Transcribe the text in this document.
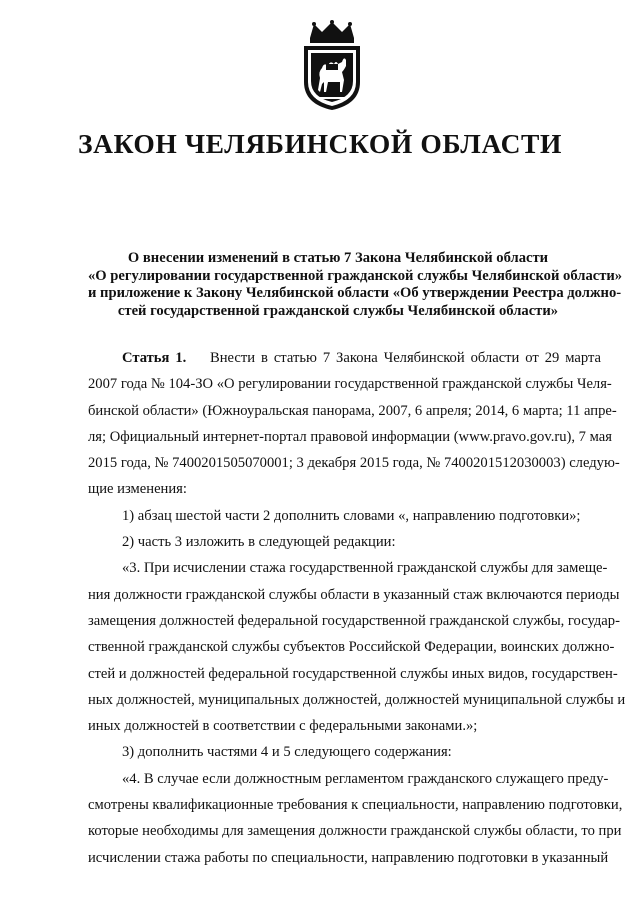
ЗАКОН ЧЕЛЯБИНСКОЙ ОБЛАСТИ
О внесении изменений в статью 7 Закона Челябинской области
«О регулировании государственной гражданской службы Челябинской области»
и приложение к Закону Челябинской области «Об утверждении Реестра должно-
стей государственной гражданской службы Челябинской области»
Статья 1. Внести в статью 7 Закона Челябинской области от 29 марта
2007 года № 104-ЗО «О регулировании государственной гражданской службы Челя-
бинской области» (Южноуральская панорама, 2007, 6 апреля; 2014, 6 марта; 11 апре-
ля; Официальный интернет-портал правовой информации (www.pravo.gov.ru), 7 мая
2015 года, № 7400201505070001; 3 декабря 2015 года, № 7400201512030003) следую-
щие изменения:
1) абзац шестой части 2 дополнить словами «, направлению подготовки»;
2) часть 3 изложить в следующей редакции:
«3. При исчислении стажа государственной гражданской службы для замеще-
ния должности гражданской службы области в указанный стаж включаются периоды
замещения должностей федеральной государственной гражданской службы, государ-
ственной гражданской службы субъектов Российской Федерации, воинских должно-
стей и должностей федеральной государственной службы иных видов, государствен-
ных должностей, муниципальных должностей, должностей муниципальной службы и
иных должностей в соответствии с федеральными законами.»;
3) дополнить частями 4 и 5 следующего содержания:
«4. В случае если должностным регламентом гражданского служащего преду-
смотрены квалификационные требования к специальности, направлению подготовки,
которые необходимы для замещения должности гражданской службы области, то при
исчислении стажа работы по специальности, направлению подготовки в указанный
